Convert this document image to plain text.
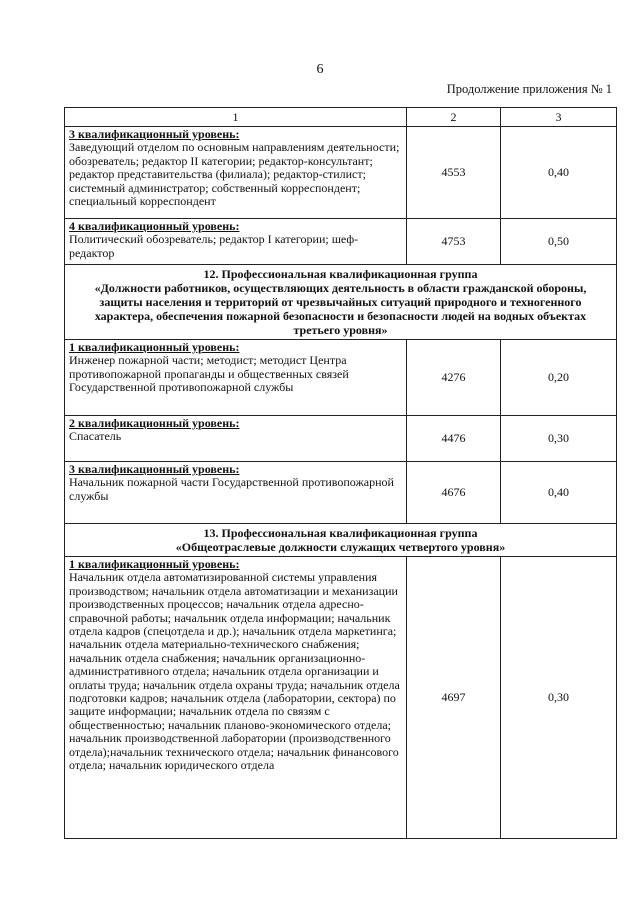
6
Продолжение приложения № 1
1	2	3

3 квалификационный уровень:
Заведующий отделом по основным направлениям деятельности; обозреватель; редактор II категории; редактор-консультант; редактор представительства (филиала); редактор-стилист; системный администратор; собственный корреспондент; специальный корреспондент	4553	0,40

4 квалификационный уровень:
Политический обозреватель; редактор I категории; шеф-редактор	4753	0,50

12. Профессиональная квалификационная группа
«Должности работников, осуществляющих деятельность в области гражданской обороны, защиты населения и территорий от чрезвычайных ситуаций природного и техногенного характера, обеспечения пожарной безопасности и безопасности людей на водных объектах третьего уровня»		

1 квалификационный уровень:
Инженер пожарной части; методист; методист Центра противопожарной пропаганды и общественных связей Государственной противопожарной службы	4276	0,20

2 квалификационный уровень:
Спасатель	4476	0,30

3 квалификационный уровень:
Начальник пожарной части Государственной противопожарной службы	4676	0,40

13. Профессиональная квалификационная группа
«Общеотраслевые должности служащих четвертого уровня»		

1 квалификационный уровень:
Начальник отдела автоматизированной системы управления производством; начальник отдела автоматизации и механизации производственных процессов; начальник отдела адресно-справочной работы; начальник отдела информации; начальник отдела кадров (спецотдела и др.); начальник отдела маркетинга; начальник отдела материально-технического снабжения; начальник отдела снабжения; начальник организационно-административного отдела; начальник отдела организации и оплаты труда; начальник отдела охраны труда; начальник отдела подготовки кадров; начальник отдела (лаборатории, сектора) по защите информации; начальник отдела по связям с общественностью; начальник планово-экономического отдела; начальник производственной лаборатории (производственного отдела);начальник технического отдела; начальник финансового отдела; начальник юридического отдела	4697	0,30
